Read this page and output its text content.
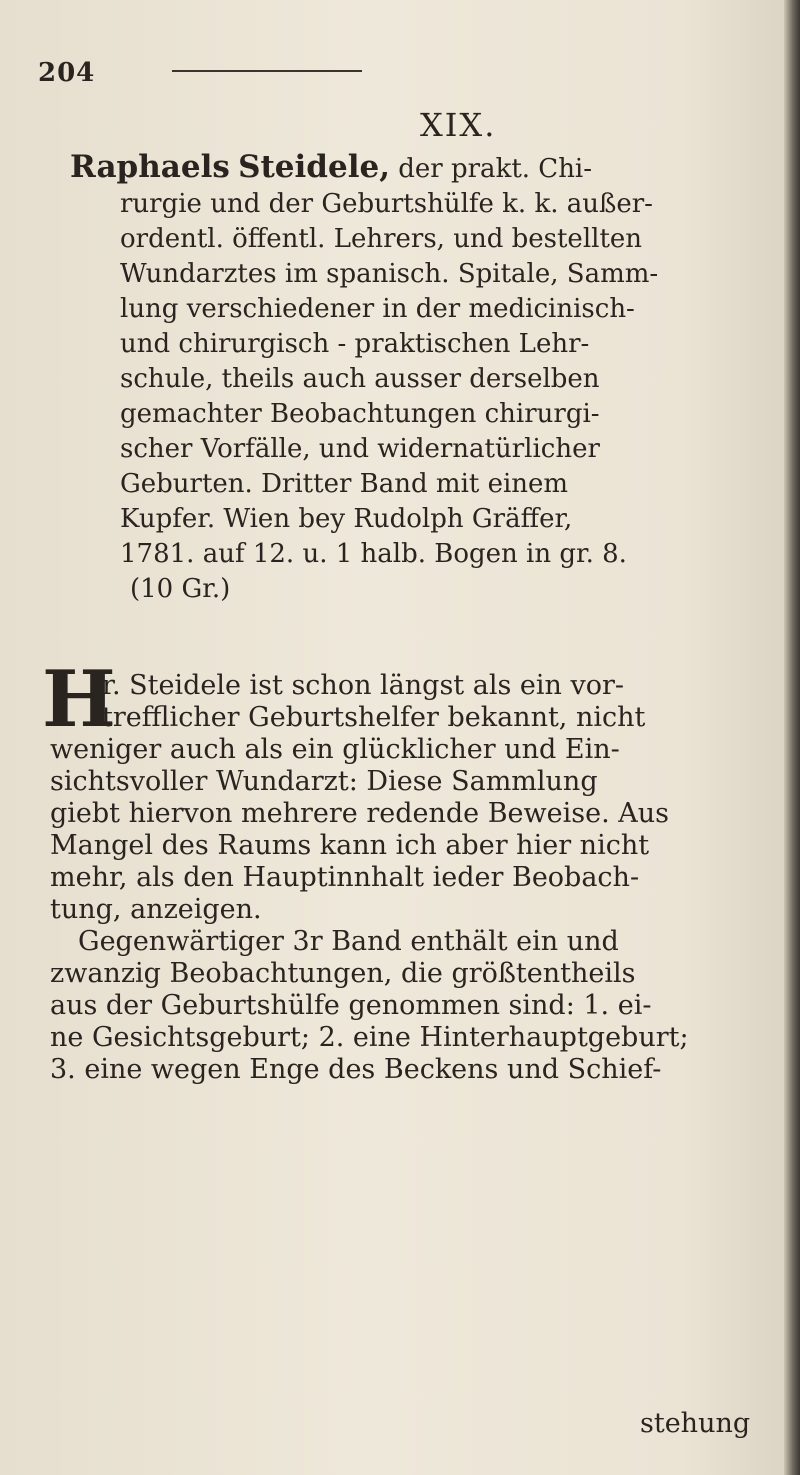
204
XIX.
Raphaels Steidele, der prakt. Chi-
rurgie und der Geburtshülfe k. k. außer-
ordentl. öffentl. Lehrers, und bestellten
Wundarztes im spanisch. Spitale, Samm-
lung verschiedener in der medicinisch-
und chirurgisch - praktischen Lehr-
schule, theils auch ausser derselben
gemachter Beobachtungen chirurgi-
scher Vorfälle, und widernatürlicher
Geburten. Dritter Band mit einem
Kupfer. Wien bey Rudolph Gräffer,
1781. auf 12. u. 1 halb. Bogen in gr. 8.
(10 Gr.)
H
r. Steidele ist schon längst als ein vor-
trefflicher Geburtshelfer bekannt, nicht
weniger auch als ein glücklicher und Ein-
sichtsvoller Wundarzt: Diese Sammlung
giebt hiervon mehrere redende Beweise. Aus
Mangel des Raums kann ich aber hier nicht
mehr, als den Hauptinnhalt ieder Beobach-
tung, anzeigen.
Gegenwärtiger 3r Band enthält ein und
zwanzig Beobachtungen, die größtentheils
aus der Geburtshülfe genommen sind: 1. ei-
ne Gesichtsgeburt; 2. eine Hinterhauptgeburt;
3. eine wegen Enge des Beckens und Schief-
stehung
